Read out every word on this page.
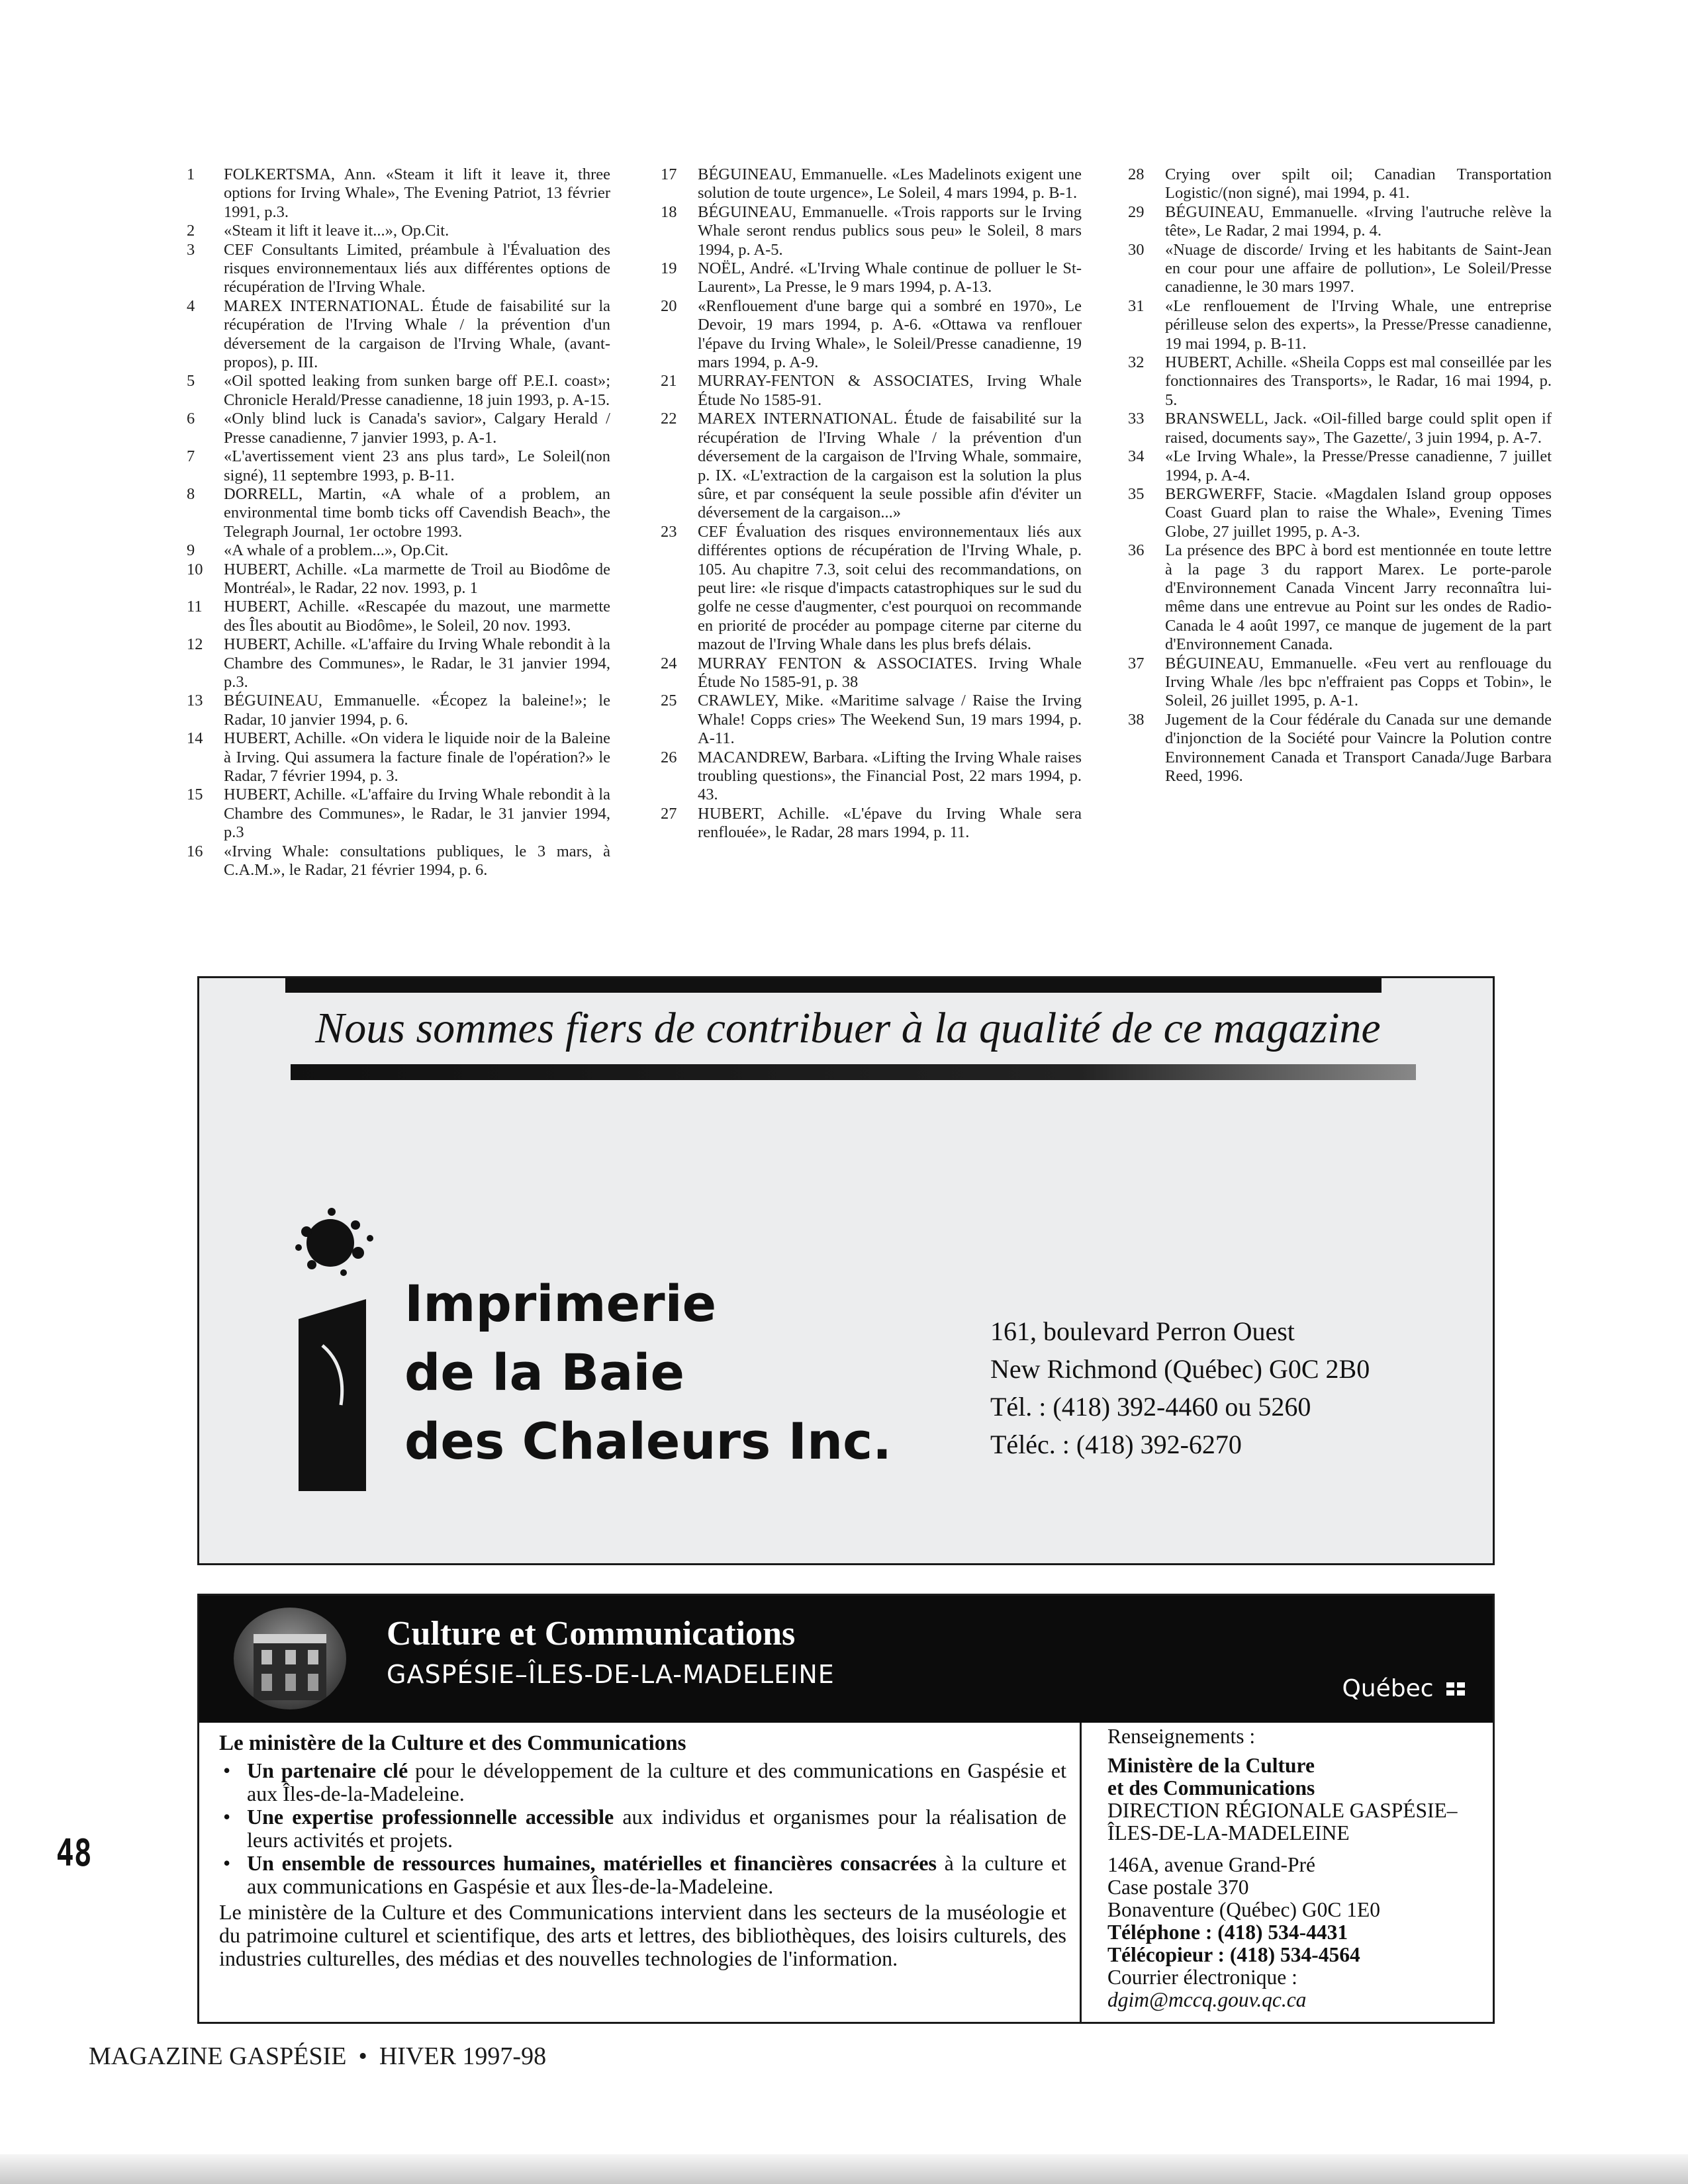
1	FOLKERTSMA, Ann. «Steam it lift it leave it, three options for Irving Whale», The Evening Patriot, 13 février 1991, p.3.
2	«Steam it lift it leave it...», Op.Cit.
3	CEF Consultants Limited, préambule à l'Évaluation des risques environnementaux liés aux différentes options de récupération de l'Irving Whale.
4	MAREX INTERNATIONAL. Étude de faisabilité sur la récupération de l'Irving Whale / la prévention d'un déversement de la cargaison de l'Irving Whale, (avant-propos), p. III.
5	«Oil spotted leaking from sunken barge off P.E.I. coast»; Chronicle Herald/Presse canadienne, 18 juin 1993, p. A-15.
6	«Only blind luck is Canada's savior», Calgary Herald / Presse canadienne, 7 janvier 1993, p. A-1.
7	«L'avertissement vient 23 ans plus tard», Le Soleil(non signé), 11 septembre 1993, p. B-11.
8	DORRELL, Martin, «A whale of a problem, an environmental time bomb ticks off Cavendish Beach», the Telegraph Journal, 1er octobre 1993.
9	«A whale of a problem...», Op.Cit.
10	HUBERT, Achille. «La marmette de Troil au Biodôme de Montréal», le Radar, 22 nov. 1993, p. 1
11	HUBERT, Achille. «Rescapée du mazout, une marmette des Îles aboutit au Biodôme», le Soleil, 20 nov. 1993.
12	HUBERT, Achille. «L'affaire du Irving Whale rebondit à la Chambre des Communes», le Radar, le 31 janvier 1994, p.3.
13	BÉGUINEAU, Emmanuelle. «Écopez la baleine!»; le Radar, 10 janvier 1994, p. 6.
14	HUBERT, Achille. «On videra le liquide noir de la Baleine à Irving. Qui assumera la facture finale de l'opération?» le Radar, 7 février 1994, p. 3.
15	HUBERT, Achille. «L'affaire du Irving Whale rebondit à la Chambre des Communes», le Radar, le 31 janvier 1994, p.3
16	«Irving Whale: consultations publiques, le 3 mars, à C.A.M.», le Radar, 21 février 1994, p. 6.
17	BÉGUINEAU, Emmanuelle. «Les Madelinots exigent une solution de toute urgence», Le Soleil, 4 mars 1994, p. B-1.
18	BÉGUINEAU, Emmanuelle. «Trois rapports sur le Irving Whale seront rendus publics sous peu» le Soleil, 8 mars 1994, p. A-5.
19	NOËL, André. «L'Irving Whale continue de polluer le St-Laurent», La Presse, le 9 mars 1994, p. A-13.
20	«Renflouement d'une barge qui a sombré en 1970», Le Devoir, 19 mars 1994, p. A-6. «Ottawa va renflouer l'épave du Irving Whale», le Soleil/Presse canadienne, 19 mars 1994, p. A-9.
21	MURRAY-FENTON & ASSOCIATES, Irving Whale Étude No 1585-91.
22	MAREX INTERNATIONAL. Étude de faisabilité sur la récupération de l'Irving Whale / la prévention d'un déversement de la cargaison de l'Irving Whale, sommaire, p. IX. «L'extraction de la cargaison est la solution la plus sûre, et par conséquent la seule possible afin d'éviter un déversement de la cargaison...»
23	CEF Évaluation des risques environnementaux liés aux différentes options de récupération de l'Irving Whale, p. 105. Au chapitre 7.3, soit celui des recommandations, on peut lire: «le risque d'impacts catastrophiques sur le sud du golfe ne cesse d'augmenter, c'est pourquoi on recommande en priorité de procéder au pompage citerne par citerne du mazout de l'Irving Whale dans les plus brefs délais.
24	MURRAY FENTON & ASSOCIATES. Irving Whale Étude No 1585-91, p. 38
25	CRAWLEY, Mike. «Maritime salvage / Raise the Irving Whale! Copps cries» The Weekend Sun, 19 mars 1994, p. A-11.
26	MACANDREW, Barbara. «Lifting the Irving Whale raises troubling questions», the Financial Post, 22 mars 1994, p. 43.
27	HUBERT, Achille. «L'épave du Irving Whale sera renflouée», le Radar, 28 mars 1994, p. 11.
28	Crying over spilt oil; Canadian Transportation Logistic/(non signé), mai 1994, p. 41.
29	BÉGUINEAU, Emmanuelle. «Irving l'autruche relève la tête», Le Radar, 2 mai 1994, p. 4.
30	«Nuage de discorde/ Irving et les habitants de Saint-Jean en cour pour une affaire de pollution», Le Soleil/Presse canadienne, le 30 mars 1997.
31	«Le renflouement de l'Irving Whale, une entreprise périlleuse selon des experts», la Presse/Presse canadienne, 19 mai 1994, p. B-11.
32	HUBERT, Achille. «Sheila Copps est mal conseillée par les fonctionnaires des Transports», le Radar, 16 mai 1994, p. 5.
33	BRANSWELL, Jack. «Oil-filled barge could split open if raised, documents say», The Gazette/, 3 juin 1994, p. A-7.
34	«Le Irving Whale», la Presse/Presse canadienne, 7 juillet 1994, p. A-4.
35	BERGWERFF, Stacie. «Magdalen Island group opposes Coast Guard plan to raise the Whale», Evening Times Globe, 27 juillet 1995, p. A-3.
36	La présence des BPC à bord est mentionnée en toute lettre à la page 3 du rapport Marex. Le porte-parole d'Environnement Canada Vincent Jarry reconnaîtra lui-même dans une entrevue au Point sur les ondes de Radio-Canada le 4 août 1997, ce manque de jugement de la part d'Environnement Canada.
37	BÉGUINEAU, Emmanuelle. «Feu vert au renflouage du Irving Whale /les bpc n'effraient pas Copps et Tobin», le Soleil, 26 juillet 1995, p. A-1.
38	Jugement de la Cour fédérale du Canada sur une demande d'injonction de la Société pour Vaincre la Polution contre Environnement Canada et Transport Canada/Juge Barbara Reed, 1996.
Nous sommes fiers de contribuer à la qualité de ce magazine
Imprimerie
de la Baie
des Chaleurs Inc.
161, boulevard Perron Ouest
New Richmond (Québec) G0C 2B0
Tél. : (418) 392-4460 ou 5260
Téléc. : (418) 392-6270
Culture et Communications
GASPÉSIE–ÎLES-DE-LA-MADELEINE	Québec
Le ministère de la Culture et des Communications
• Un partenaire clé pour le développement de la culture et des communications en Gaspésie et aux Îles-de-la-Madeleine.
• Une expertise professionnelle accessible aux individus et organismes pour la réalisation de leurs activités et projets.
• Un ensemble de ressources humaines, matérielles et financières consacrées à la culture et aux communications en Gaspésie et aux Îles-de-la-Madeleine.

Le ministère de la Culture et des Communications intervient dans les secteurs de la muséologie et du patrimoine culturel et scientifique, des arts et lettres, des bibliothèques, des loisirs culturels, des industries culturelles, des médias et des nouvelles technologies de l'information.

Renseignements :
Ministère de la Culture
et des Communications
DIRECTION RÉGIONALE GASPÉSIE–
ÎLES-DE-LA-MADELEINE
146A, avenue Grand-Pré
Case postale 370
Bonaventure (Québec) G0C 1E0
Téléphone : (418) 534-4431
Télécopieur : (418) 534-4564
Courrier électronique : dgim@mccq.gouv.qc.ca
48
MAGAZINE GASPÉSIE • HIVER 1997-98
